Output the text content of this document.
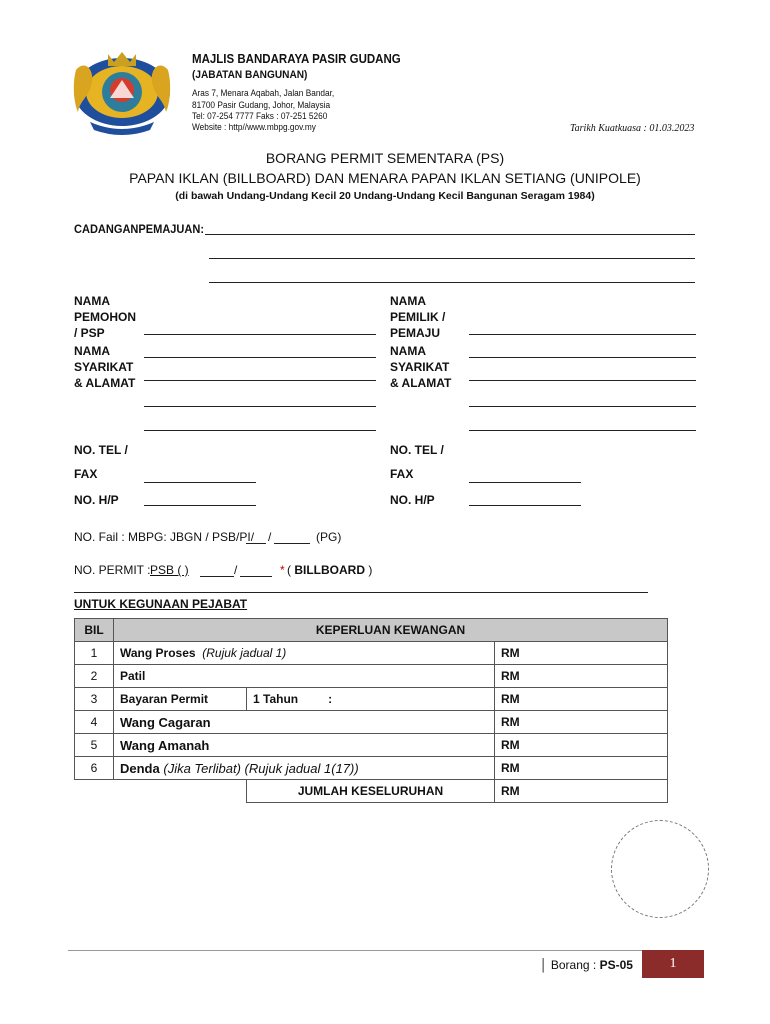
MAJLIS BANDARAYA PASIR GUDANG
(JABATAN BANGUNAN)
Aras 7, Menara Aqabah, Jalan Bandar,
81700 Pasir Gudang, Johor, Malaysia
Tel: 07-254 7777 Faks : 07-251 5260
Website : http//www.mbpg.gov.my	Tarikh Kuatkuasa : 01.03.2023
BORANG PERMIT SEMENTARA (PS)
PAPAN IKLAN (BILLBOARD) DAN MENARA PAPAN IKLAN SETIANG (UNIPOLE)
(di bawah Undang-Undang Kecil 20 Undang-Undang Kecil Bangunan Seragam 1984)
CADANGANPEMAJUAN:
NAMA
PEMOHON
/ PSP
NAMA
SYARIKAT
& ALAMAT
NAMA
PEMILIK /
PEMAJU
NAMA
SYARIKAT
& ALAMAT
NO. TEL /
FAX
NO. H/P
NO. TEL /
FAX
NO. H/P
NO. Fail : MBPG: JBGN / PSB/PI/ /	(PG)
NO. PERMIT : PSB ( )	/	* ( BILLBOARD )
UNTUK KEGUNAAN PEJABAT
BIL	KEPERLUAN KEWANGAN		
1	Wang Proses (Rujuk jadual 1)		RM
2	Patil		RM
3	Bayaran Permit	1 Tahun :	RM
4	Wang Cagaran		RM
5	Wang Amanah		RM
6	Denda (Jika Terlibat) (Rujuk jadual 1(17))		RM
		JUMLAH KESELURUHAN	RM
│ Borang : PS-05	1
